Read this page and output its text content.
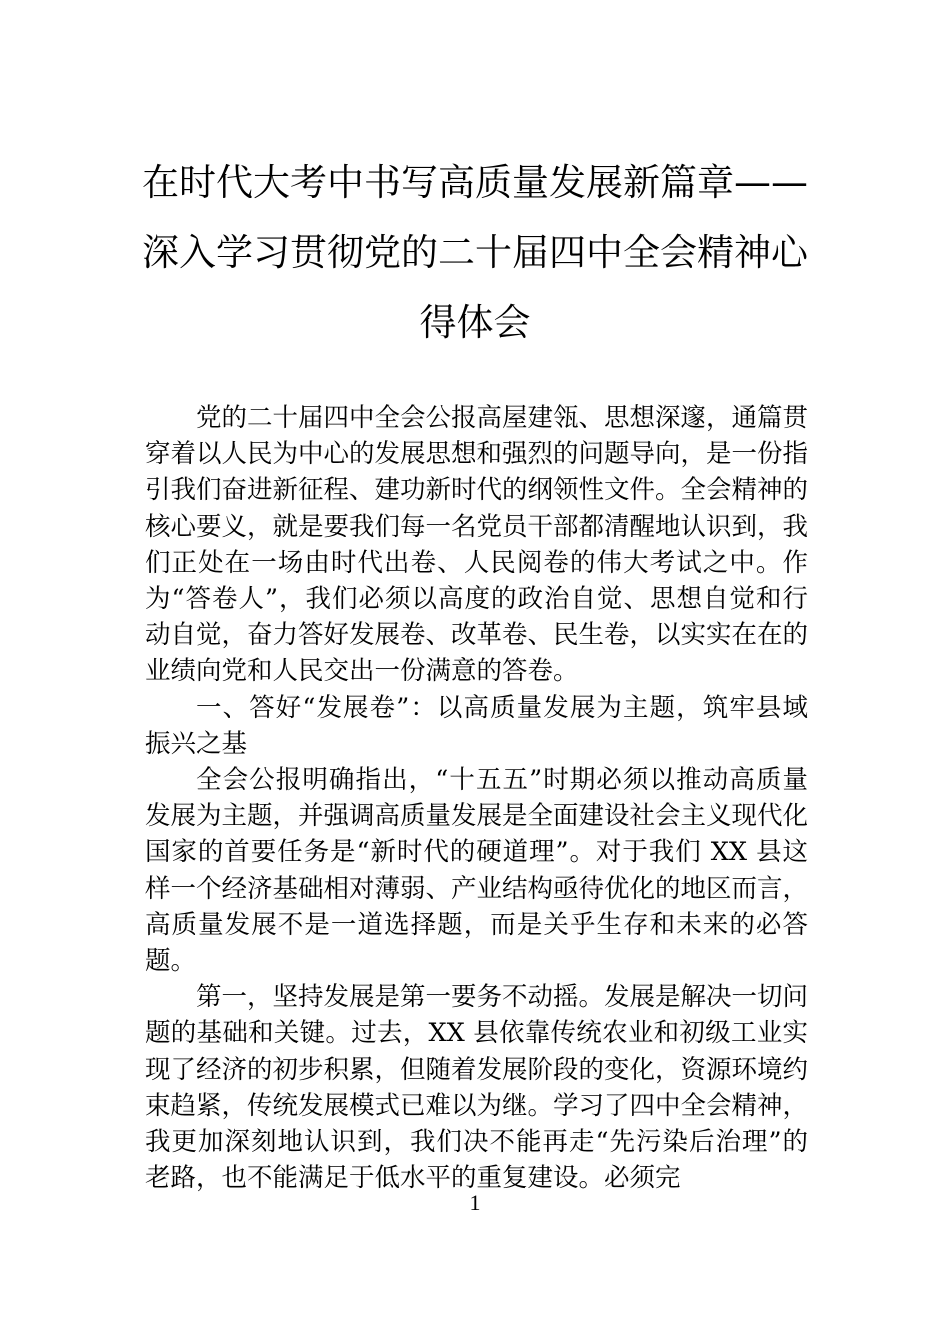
在时代大考中书写高质量发展新篇章——
深入学习贯彻党的二十届四中全会精神心
得体会

党的二十届四中全会公报高屋建瓴、思想深邃，通篇贯穿着以人民为中心的发展思想和强烈的问题导向，是一份指引我们奋进新征程、建功新时代的纲领性文件。全会精神的核心要义，就是要我们每一名党员干部都清醒地认识到，我们正处在一场由时代出卷、人民阅卷的伟大考试之中。作为“答卷人”，我们必须以高度的政治自觉、思想自觉和行动自觉，奋力答好发展卷、改革卷、民生卷，以实实在在的业绩向党和人民交出一份满意的答卷。

一、答好“发展卷”：以高质量发展为主题，筑牢县域振兴之基

全会公报明确指出，“十五五”时期必须以推动高质量发展为主题，并强调高质量发展是全面建设社会主义现代化国家的首要任务是“新时代的硬道理”。对于我们 XX 县这样一个经济基础相对薄弱、产业结构亟待优化的地区而言，高质量发展不是一道选择题，而是关乎生存和未来的必答题。

第一，坚持发展是第一要务不动摇。发展是解决一切问题的基础和关键。过去，XX 县依靠传统农业和初级工业实现了经济的初步积累，但随着发展阶段的变化，资源环境约束趋紧，传统发展模式已难以为继。学习了四中全会精神，我更加深刻地认识到，我们决不能再走“先污染后治理”的老路，也不能满足于低水平的重复建设。必须完

1
